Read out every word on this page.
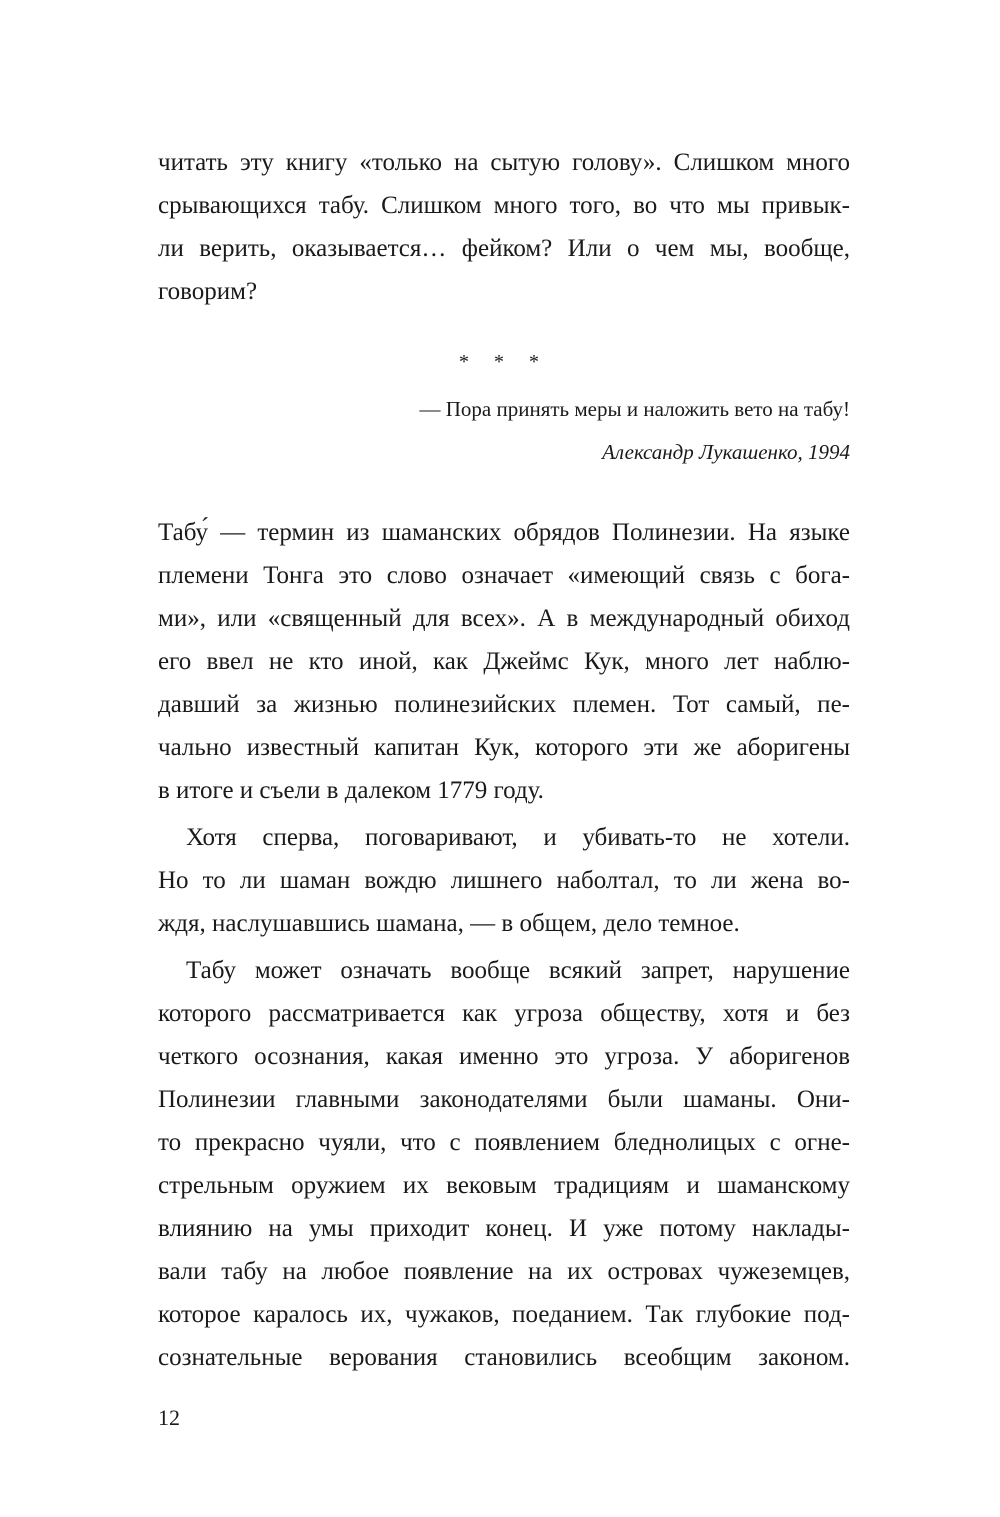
читать эту книгу «только на сытую голову». Слишком много
срывающихся табу. Слишком много того, во что мы привык-
ли верить, оказывается… фейком? Или о чем мы, вообще,
говорим?
* * *
— Пора принять меры и наложить вето на табу!
Александр Лукашенко, 1994
Табу́ — термин из шаманских обрядов Полинезии. На языке
племени Тонга это слово означает «имеющий связь с бога-
ми», или «священный для всех». А в международный обиход
его ввел не кто иной, как Джеймс Кук, много лет наблю-
давший за жизнью полинезийских племен. Тот самый, пе-
чально известный капитан Кук, которого эти же аборигены
в итоге и съели в далеком 1779 году.
Хотя сперва, поговаривают, и убивать-то не хотели.
Но то ли шаман вождю лишнего наболтал, то ли жена во-
ждя, наслушавшись шамана, — в общем, дело темное.
Табу может означать вообще всякий запрет, нарушение
которого рассматривается как угроза обществу, хотя и без
четкого осознания, какая именно это угроза. У аборигенов
Полинезии главными законодателями были шаманы. Они-
то прекрасно чуяли, что с появлением бледнолицых с огне-
стрельным оружием их вековым традициям и шаманскому
влиянию на умы приходит конец. И уже потому наклады-
вали табу на любое появление на их островах чужеземцев,
которое каралось их, чужаков, поеданием. Так глубокие под-
сознательные верования становились всеобщим законом.
12
